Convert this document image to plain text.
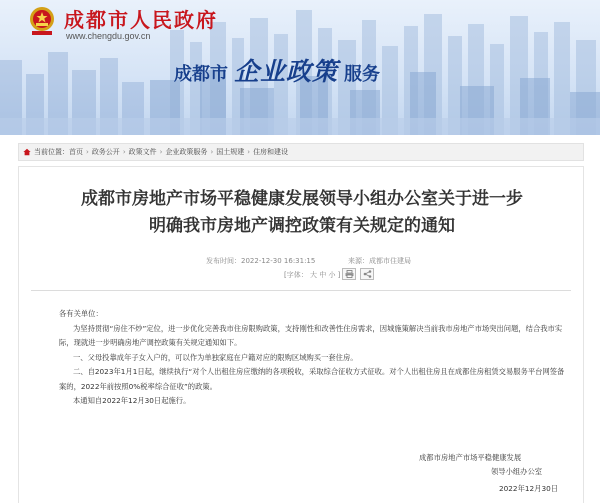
成都市人民政府
www.chengdu.gov.cn
成都市 企业政策 服务
当前位置： 首页 › 政务公开 › 政策文件 › 企业政策服务 › 国土规建 › 住房和建设
成都市房地产市场平稳健康发展领导小组办公室关于进一步
明确我市房地产调控政策有关规定的通知
发布时间：2022-12-30 16:31:15	来源：成都市住建局
[字体： 大 中 小 ]
各有关单位：
为坚持贯彻“房住不炒”定位，进一步优化完善我市住房限购政策，支持刚性和改善性住房需求，因城施策解决当前我市房地产市场突出问题，结合我市实际，现就进一步明确房地产调控政策有关规定通知如下。
一、父母投靠成年子女入户的，可以作为单独家庭在户籍对应的限购区域购买一套住房。
二、自2023年1月1日起，继续执行“对个人出租住房应缴纳的各项税收，采取综合征收方式征收。对个人出租住房且在成都住房租赁交易服务平台网签备案的，2022年前按照0%税率综合征收”的政策。
本通知自2022年12月30日起施行。
成都市房地产市场平稳健康发展
领导小组办公室
2022年12月30日
